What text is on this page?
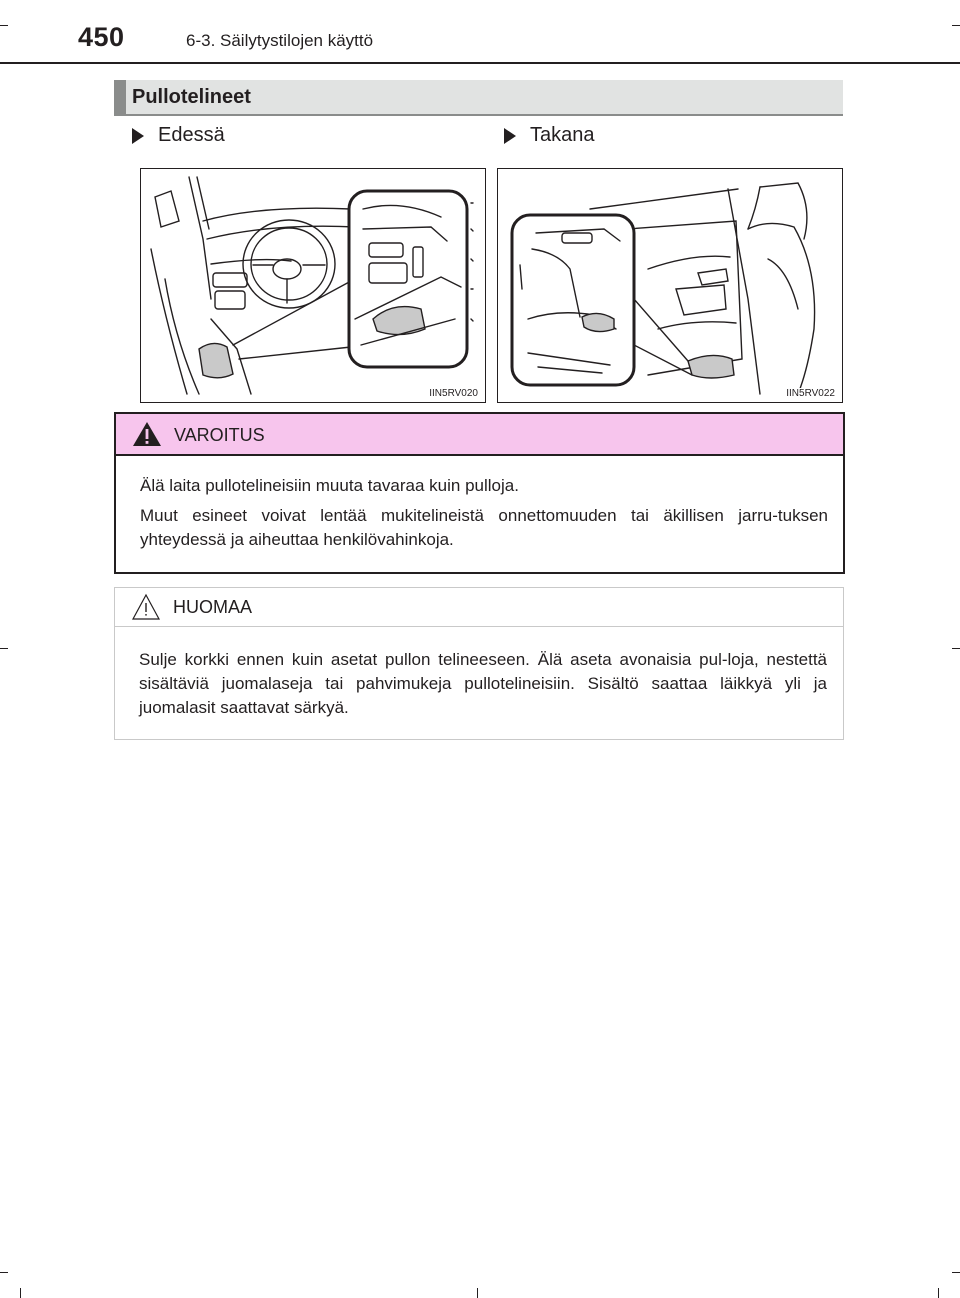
450	6-3. Säilytystilojen käyttö
Pullotelineet
Edessä	Takana
IIN5RV020	IIN5RV022
VAROITUS
Älä laita pullotelineisiin muuta tavaraa kuin pulloja.
Muut esineet voivat lentää mukitelineistä onnettomuuden tai äkillisen jarru-tuksen yhteydessä ja aiheuttaa henkilövahinkoja.
HUOMAA
Sulje korkki ennen kuin asetat pullon telineeseen. Älä aseta avonaisia pul-loja, nestettä sisältäviä juomalaseja tai pahvimukeja pullotelineisiin. Sisältö saattaa läikkyä yli ja juomalasit saattavat särkyä.
